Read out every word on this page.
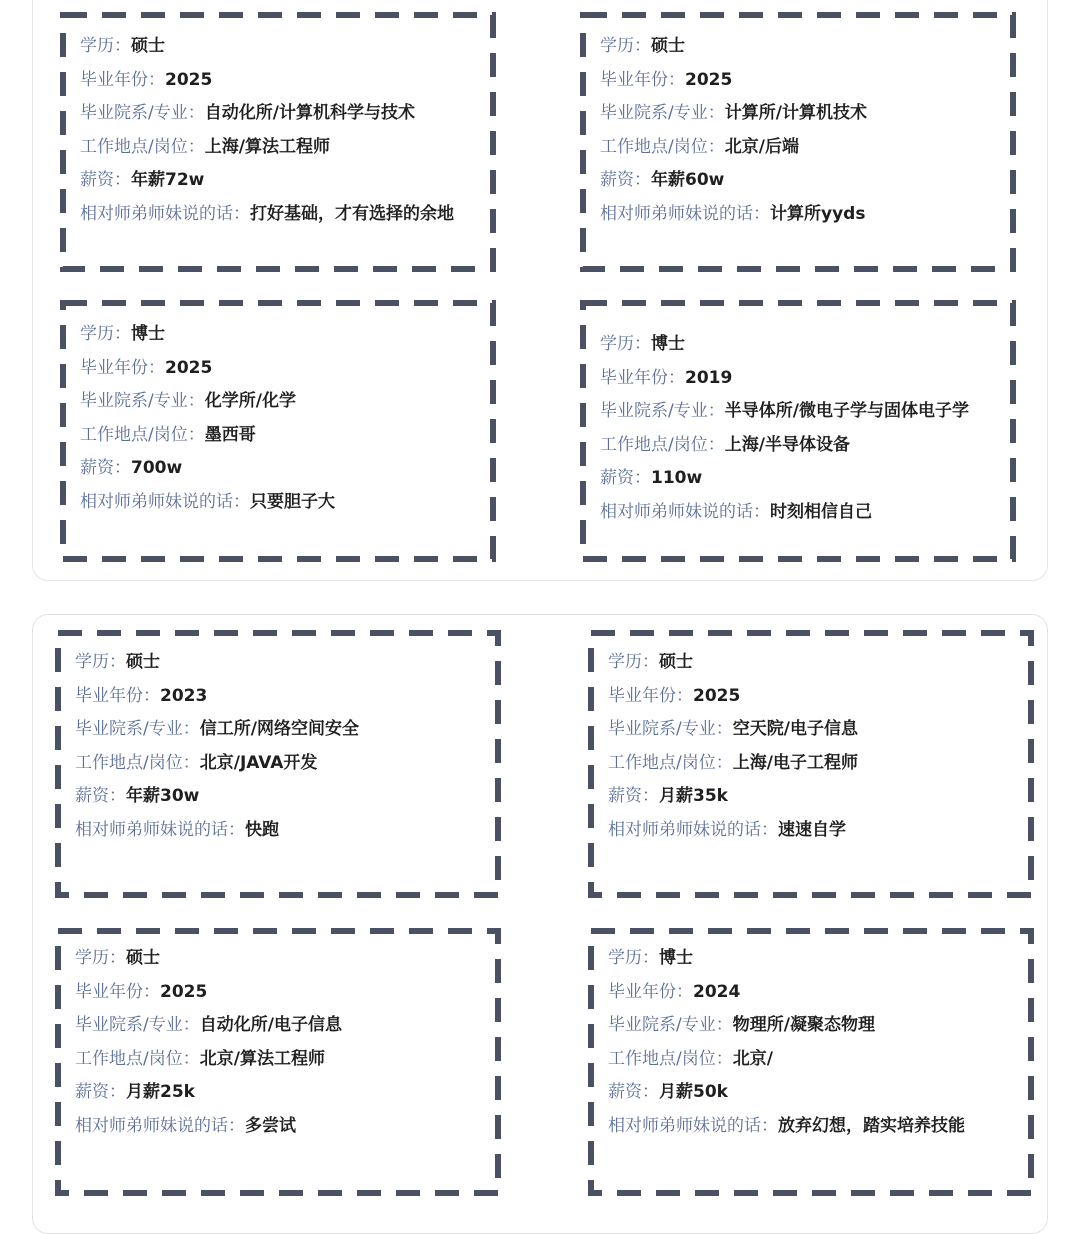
学历：硕士
毕业年份：2025
毕业院系/专业：自动化所/计算机科学与技术
工作地点/岗位：上海/算法工程师
薪资：年薪72w
相对师弟师妹说的话：打好基础，才有选择的余地
学历：硕士
毕业年份：2025
毕业院系/专业：计算所/计算机技术
工作地点/岗位：北京/后端
薪资：年薪60w
相对师弟师妹说的话：计算所yyds
学历：博士
毕业年份：2025
毕业院系/专业：化学所/化学
工作地点/岗位：墨西哥
薪资：700w
相对师弟师妹说的话：只要胆子大
学历：博士
毕业年份：2019
毕业院系/专业：半导体所/微电子学与固体电子学
工作地点/岗位：上海/半导体设备
薪资：110w
相对师弟师妹说的话：时刻相信自己
学历：硕士
毕业年份：2023
毕业院系/专业：信工所/网络空间安全
工作地点/岗位：北京/JAVA开发
薪资：年薪30w
相对师弟师妹说的话：快跑
学历：硕士
毕业年份：2025
毕业院系/专业：空天院/电子信息
工作地点/岗位：上海/电子工程师
薪资：月薪35k
相对师弟师妹说的话：速速自学
学历：硕士
毕业年份：2025
毕业院系/专业：自动化所/电子信息
工作地点/岗位：北京/算法工程师
薪资：月薪25k
相对师弟师妹说的话：多尝试
学历：博士
毕业年份：2024
毕业院系/专业：物理所/凝聚态物理
工作地点/岗位：北京/
薪资：月薪50k
相对师弟师妹说的话：放弃幻想，踏实培养技能
